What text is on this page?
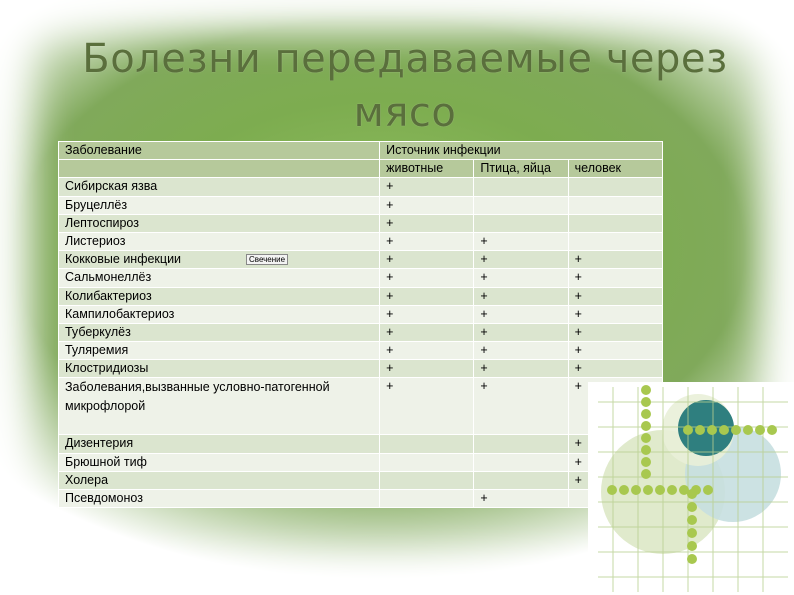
Болезни передаваемые через мясо
Заболевание	Источник инфекции		
	животные	Птица, яйца	человек
Сибирская язва	+		
Бруцеллёз	+		
Лептоспироз	+		
Листериоз	+	+	
Кокковые инфекции	+	+	+
Сальмонеллёз	+	+	+
Колибактериоз	+	+	+
Кампилобактериоз	+	+	+
Туберкулёз	+	+	+
Туляремия	+	+	+
Клостридиозы	+	+	+
Заболевания,вызванные условно-патогенной микрофлорой	+	+	+
Дизентерия			+
Брюшной тиф			+
Холера			+
Псевдомоноз		+	
Свечение
